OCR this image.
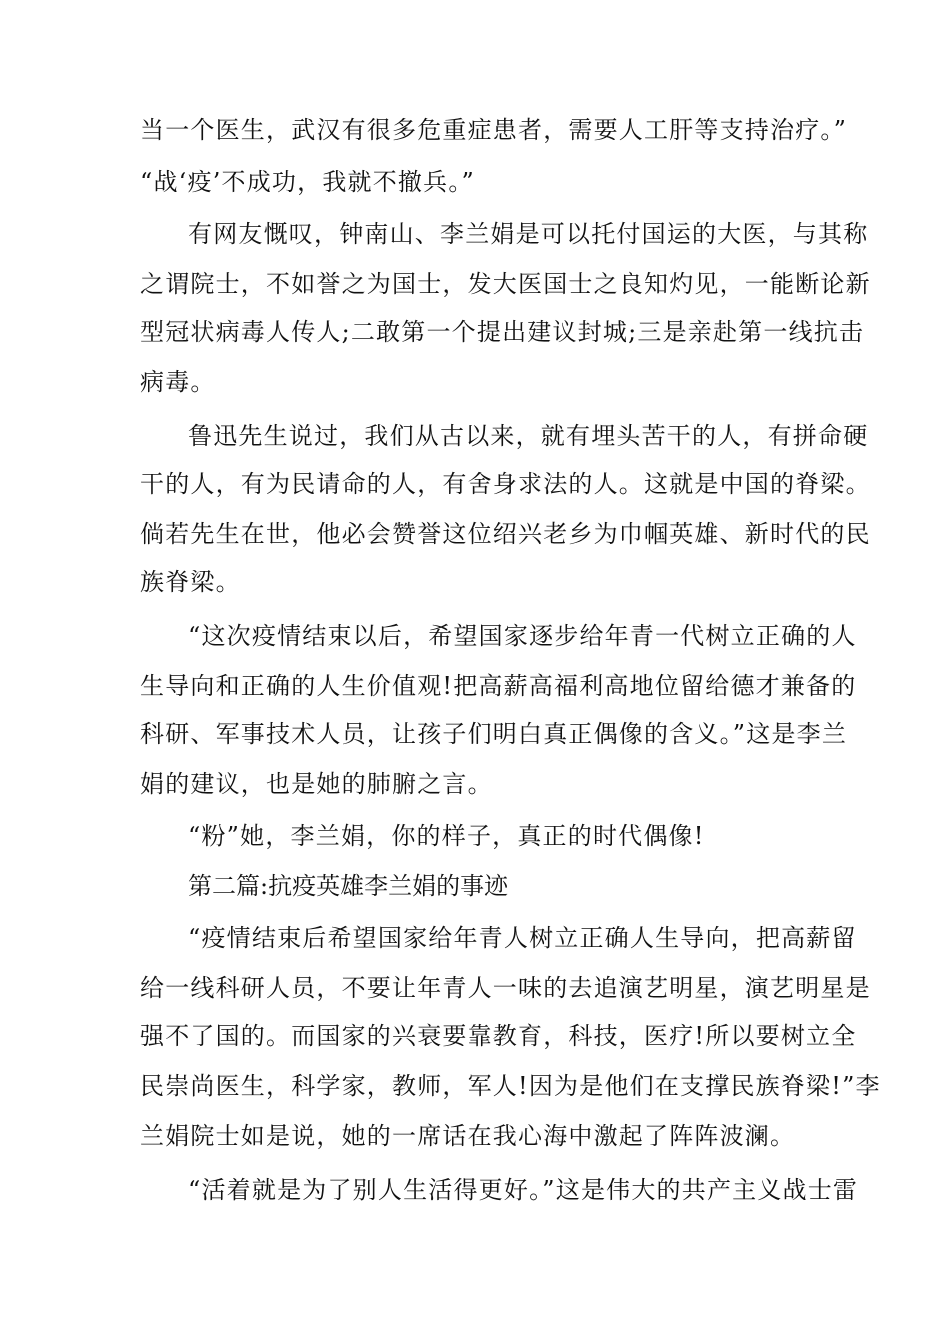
当一个医生，武汉有很多危重症患者，需要人工肝等支持治疗。”
“战‘疫’不成功，我就不撤兵。”
有网友慨叹，钟南山、李兰娟是可以托付国运的大医，与其称
之谓院士，不如誉之为国士，发大医国士之良知灼见，一能断论新
型冠状病毒人传人;二敢第一个提出建议封城;三是亲赴第一线抗击
病毒。
鲁迅先生说过，我们从古以来，就有埋头苦干的人，有拼命硬
干的人，有为民请命的人，有舍身求法的人。这就是中国的脊梁。
倘若先生在世，他必会赞誉这位绍兴老乡为巾帼英雄、新时代的民
族脊梁。
“这次疫情结束以后，希望国家逐步给年青一代树立正确的人
生导向和正确的人生价值观!把高薪高福利高地位留给德才兼备的
科研、军事技术人员，让孩子们明白真正偶像的含义。”这是李兰
娟的建议，也是她的肺腑之言。
“粉”她，李兰娟，你的样子，真正的时代偶像!
第二篇:抗疫英雄李兰娟的事迹
“疫情结束后希望国家给年青人树立正确人生导向，把高薪留
给一线科研人员，不要让年青人一味的去追演艺明星，演艺明星是
强不了国的。而国家的兴衰要靠教育，科技，医疗!所以要树立全
民崇尚医生，科学家，教师，军人!因为是他们在支撑民族脊梁!”李
兰娟院士如是说，她的一席话在我心海中激起了阵阵波澜。
“活着就是为了别人生活得更好。”这是伟大的共产主义战士雷
